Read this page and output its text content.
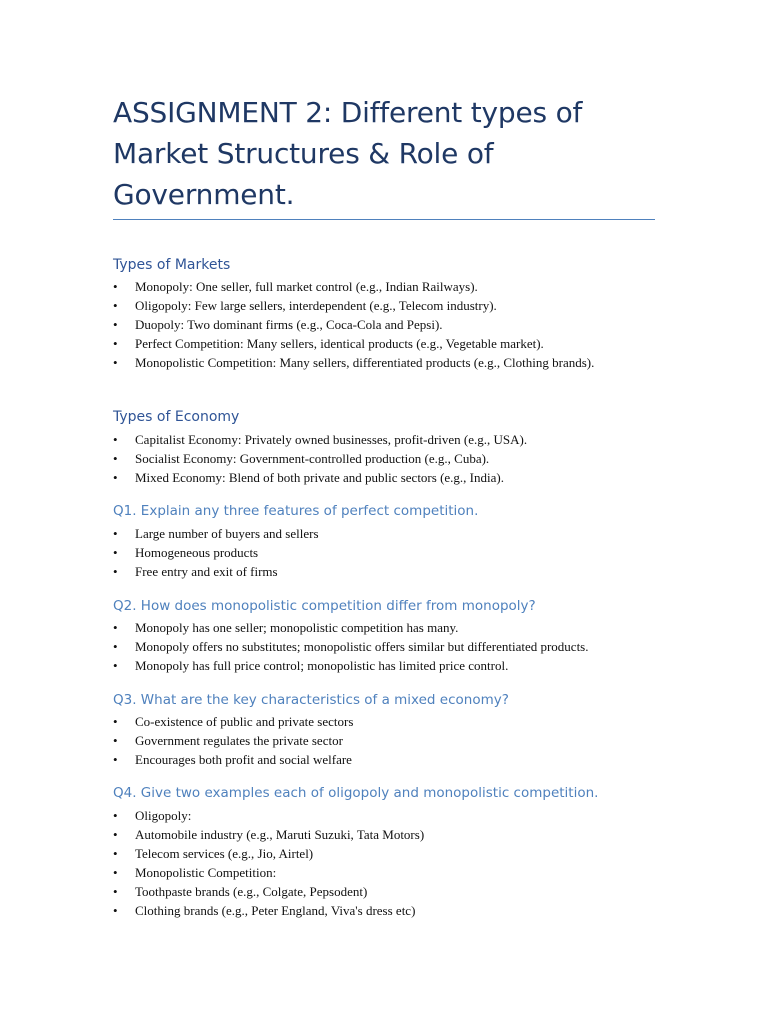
ASSIGNMENT 2: Different types of Market Structures & Role of Government.
Types of Markets
•	Monopoly: One seller, full market control (e.g., Indian Railways).
•	Oligopoly: Few large sellers, interdependent (e.g., Telecom industry).
•	Duopoly: Two dominant firms (e.g., Coca-Cola and Pepsi).
•	Perfect Competition: Many sellers, identical products (e.g., Vegetable market).
•	Monopolistic Competition: Many sellers, differentiated products (e.g., Clothing brands).
Types of Economy
•	Capitalist Economy: Privately owned businesses, profit-driven (e.g., USA).
•	Socialist Economy: Government-controlled production (e.g., Cuba).
•	Mixed Economy: Blend of both private and public sectors (e.g., India).
Q1. Explain any three features of perfect competition.
•	Large number of buyers and sellers
•	Homogeneous products
•	Free entry and exit of firms
Q2. How does monopolistic competition differ from monopoly?
•	Monopoly has one seller; monopolistic competition has many.
•	Monopoly offers no substitutes; monopolistic offers similar but differentiated products.
•	Monopoly has full price control; monopolistic has limited price control.
Q3. What are the key characteristics of a mixed economy?
•	Co-existence of public and private sectors
•	Government regulates the private sector
•	Encourages both profit and social welfare
Q4. Give two examples each of oligopoly and monopolistic competition.
•	Oligopoly:
•	Automobile industry (e.g., Maruti Suzuki, Tata Motors)
•	Telecom services (e.g., Jio, Airtel)
•	Monopolistic Competition:
•	Toothpaste brands (e.g., Colgate, Pepsodent)
•	Clothing brands (e.g., Peter England, Viva's dress etc)
